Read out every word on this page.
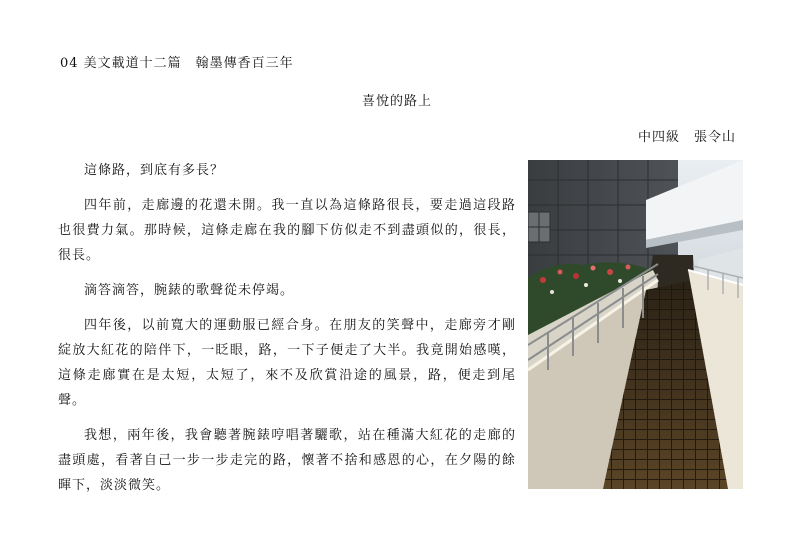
04 美文載道十二篇　翰墨傳香百三年
喜悅的路上
中四級　張令山

這條路，到底有多長？

四年前，走廊邊的花還未開。我一直以為這條路很長，要走過這段路也很費力氣。那時候，這條走廊在我的腳下仿似走不到盡頭似的，很長，很長。

滴答滴答，腕錶的歌聲從未停竭。

四年後，以前寬大的運動服已經合身。在朋友的笑聲中，走廊旁才剛綻放大紅花的陪伴下，一眨眼，路，一下子便走了大半。我竟開始感嘆，這條走廊實在是太短，太短了，來不及欣賞沿途的風景，路，便走到尾聲。

我想，兩年後，我會聽著腕錶哼唱著驪歌，站在種滿大紅花的走廊的盡頭處，看著自己一步一步走完的路，懷著不捨和感恩的心，在夕陽的餘暉下，淡淡微笑。
